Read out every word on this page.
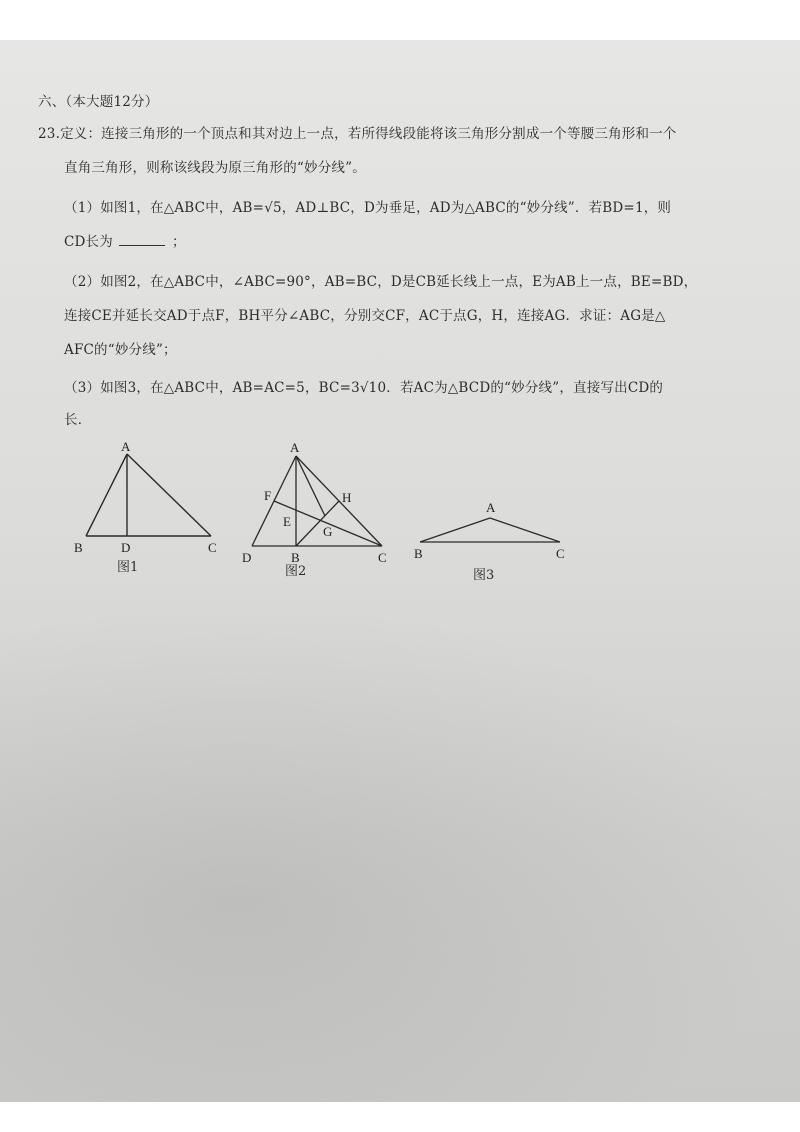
六、（本大题12分）
23.定义：连接三角形的一个顶点和其对边上一点，若所得线段能将该三角形分割成一个等腰三角形和一个
直角三角形，则称该线段为原三角形的“妙分线”。
（1）如图1，在△ABC中，AB=√5，AD⊥BC，D为垂足，AD为△ABC的“妙分线”．若BD=1，则
CD长为	；
（2）如图2，在△ABC中，∠ABC=90°，AB=BC，D是CB延长线上一点，E为AB上一点，BE=BD，
连接CE并延长交AD于点F，BH平分∠ABC，分别交CF，AC于点G，H，连接AG．求证：AG是△
AFC的“妙分线”；
（3）如图3，在△ABC中，AB=AC=5，BC=3√10．若AC为△BCD的“妙分线”，直接写出CD的
长．
A
B	D	C
图1
A
F
E
H
G
D	B	C
图2
A
B	C
图3
